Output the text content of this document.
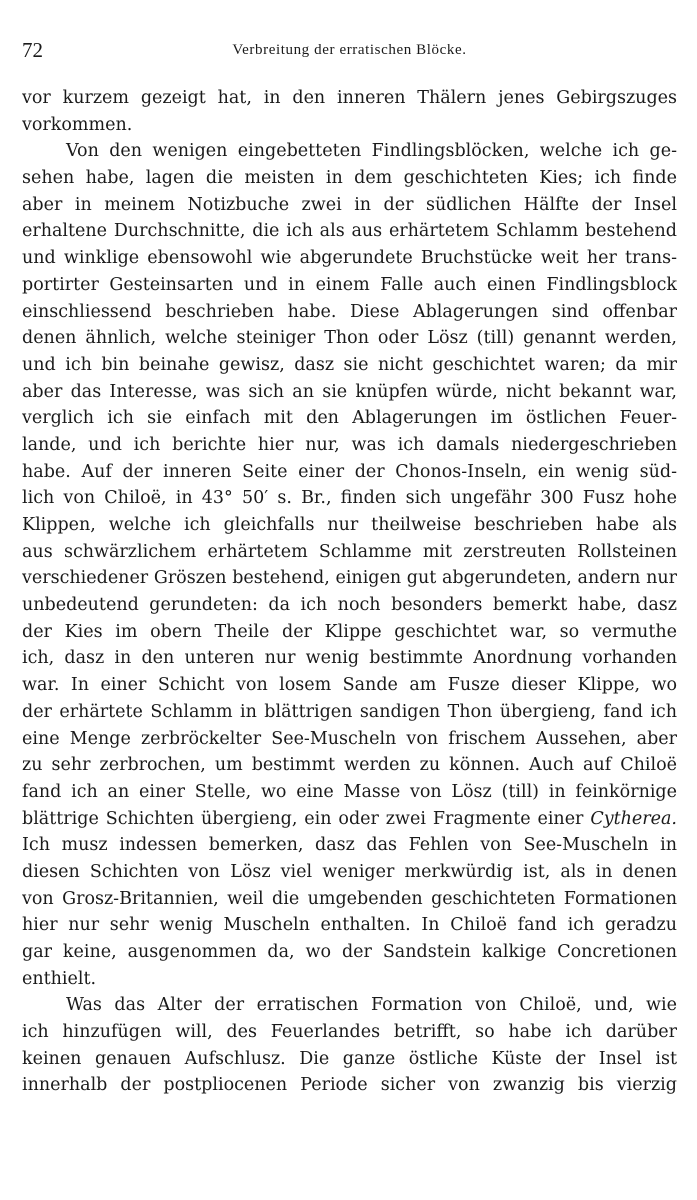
72	Verbreitung der erratischen Blöcke.
vor kurzem gezeigt hat, in den inneren Thälern jenes Gebirgszuges
vorkommen.
Von den wenigen eingebetteten Findlingsblöcken, welche ich ge-
sehen habe, lagen die meisten in dem geschichteten Kies; ich finde
aber in meinem Notizbuche zwei in der südlichen Hälfte der Insel
erhaltene Durchschnitte, die ich als aus erhärtetem Schlamm bestehend
und winklige ebensowohl wie abgerundete Bruchstücke weit her trans-
portirter Gesteinsarten und in einem Falle auch einen Findlingsblock
einschliessend beschrieben habe. Diese Ablagerungen sind offenbar
denen ähnlich, welche steiniger Thon oder Lösz (till) genannt werden,
und ich bin beinahe gewisz, dasz sie nicht geschichtet waren; da mir
aber das Interesse, was sich an sie knüpfen würde, nicht bekannt war,
verglich ich sie einfach mit den Ablagerungen im östlichen Feuer-
lande, und ich berichte hier nur, was ich damals niedergeschrieben
habe. Auf der inneren Seite einer der Chonos-Inseln, ein wenig süd-
lich von Chiloë, in 43° 50′ s. Br., finden sich ungefähr 300 Fusz hohe
Klippen, welche ich gleichfalls nur theilweise beschrieben habe als
aus schwärzlichem erhärtetem Schlamme mit zerstreuten Rollsteinen
verschiedener Gröszen bestehend, einigen gut abgerundeten, andern nur
unbedeutend gerundeten: da ich noch besonders bemerkt habe, dasz
der Kies im obern Theile der Klippe geschichtet war, so vermuthe
ich, dasz in den unteren nur wenig bestimmte Anordnung vorhanden
war. In einer Schicht von losem Sande am Fusze dieser Klippe, wo
der erhärtete Schlamm in blättrigen sandigen Thon übergieng, fand ich
eine Menge zerbröckelter See-Muscheln von frischem Aussehen, aber
zu sehr zerbrochen, um bestimmt werden zu können. Auch auf Chiloë
fand ich an einer Stelle, wo eine Masse von Lösz (till) in feinkörnige
blättrige Schichten übergieng, ein oder zwei Fragmente einer Cytherea.
Ich musz indessen bemerken, dasz das Fehlen von See-Muscheln in
diesen Schichten von Lösz viel weniger merkwürdig ist, als in denen
von Grosz-Britannien, weil die umgebenden geschichteten Formationen
hier nur sehr wenig Muscheln enthalten. In Chiloë fand ich geradzu
gar keine, ausgenommen da, wo der Sandstein kalkige Concretionen
enthielt.
Was das Alter der erratischen Formation von Chiloë, und, wie
ich hinzufügen will, des Feuerlandes betrifft, so habe ich darüber
keinen genauen Aufschlusz. Die ganze östliche Küste der Insel ist
innerhalb der postpliocenen Periode sicher von zwanzig bis vierzig
